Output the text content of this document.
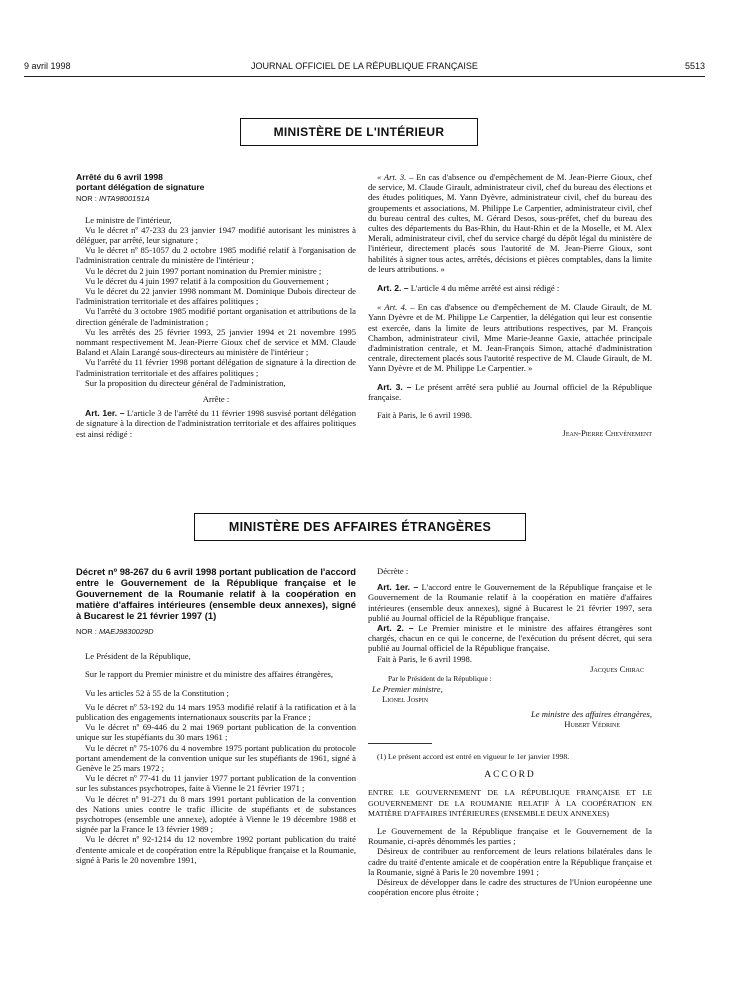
9 avril 1998	JOURNAL OFFICIEL DE LA RÉPUBLIQUE FRANÇAISE	5513
MINISTÈRE DE L'INTÉRIEUR

Arrêté du 6 avril 1998

portant délégation de signature

NOR : INTA9800151A

Le ministre de l'intérieur,

Vu le décret nº 47-233 du 23 janvier 1947 modifié autorisant les ministres à déléguer, par arrêté, leur signature ;

Vu le décret nº 85-1057 du 2 octobre 1985 modifié relatif à l'organisation de l'administration centrale du ministère de l'intérieur ;

Vu le décret du 2 juin 1997 portant nomination du Premier ministre ;

Vu le décret du 4 juin 1997 relatif à la composition du Gouvernement ;

Vu le décret du 22 janvier 1998 nommant M. Dominique Dubois directeur de l'administration territoriale et des affaires politiques ;

Vu l'arrêté du 3 octobre 1985 modifié portant organisation et attributions de la direction générale de l'administration ;

Vu les arrêtés des 25 février 1993, 25 janvier 1994 et 21 novembre 1995 nommant respectivement M. Jean-Pierre Gioux chef de service et MM. Claude Baland et Alain Larangé sous-directeurs au ministère de l'intérieur ;

Vu l'arrêté du 11 février 1998 portant délégation de signature à la direction de l'administration territoriale et des affaires politiques ;

Sur la proposition du directeur général de l'administration,

Arrête :

Art. 1er. – L'article 3 de l'arrêté du 11 février 1998 susvisé portant délégation de signature à la direction de l'administration territoriale et des affaires politiques est ainsi rédigé :

« Art. 3. – En cas d'absence ou d'empêchement de M. Jean-Pierre Gioux, chef de service, M. Claude Girault, administrateur civil, chef du bureau des élections et des études politiques, M. Yann Dyèvre, administrateur civil, chef du bureau des groupements et associations, M. Philippe Le Carpentier, administrateur civil, chef du bureau central des cultes, M. Gérard Desos, sous-préfet, chef du bureau des cultes des départements du Bas-Rhin, du Haut-Rhin et de la Moselle, et M. Alex Merali, administrateur civil, chef du service chargé du dépôt légal du ministère de l'intérieur, directement placés sous l'autorité de M. Jean-Pierre Gioux, sont habilités à signer tous actes, arrêtés, décisions et pièces comptables, dans la limite de leurs attributions. »

Art. 2. – L'article 4 du même arrêté est ainsi rédigé :

« Art. 4. – En cas d'absence ou d'empêchement de M. Claude Girault, de M. Yann Dyèvre et de M. Philippe Le Carpentier, la délégation qui leur est consentie est exercée, dans la limite de leurs attributions respectives, par M. François Chambon, administrateur civil, Mme Marie-Jeanne Gaxie, attachée principale d'administration centrale, et M. Jean-François Simon, attaché d'administration centrale, directement placés sous l'autorité respective de M. Claude Girault, de M. Yann Dyèvre et de M. Philippe Le Carpentier. »

Art. 3. – Le présent arrêté sera publié au Journal officiel de la République française.

Fait à Paris, le 6 avril 1998.

Jean-Pierre Chevènement

MINISTÈRE DES AFFAIRES ÉTRANGÈRES

Décret nº 98-267 du 6 avril 1998 portant publication de l'accord entre le Gouvernement de la République française et le Gouvernement de la Roumanie relatif à la coopération en matière d'affaires intérieures (ensemble deux annexes), signé à Bucarest le 21 février 1997 (1)

NOR : MAEJ9830029D

Le Président de la République,

Sur le rapport du Premier ministre et du ministre des affaires étrangères,

Vu les articles 52 à 55 de la Constitution ;

Vu le décret nº 53-192 du 14 mars 1953 modifié relatif à la ratification et à la publication des engagements internationaux souscrits par la France ;

Vu le décret nº 69-446 du 2 mai 1969 portant publication de la convention unique sur les stupéfiants du 30 mars 1961 ;

Vu le décret nº 75-1076 du 4 novembre 1975 portant publication du protocole portant amendement de la convention unique sur les stupéfiants de 1961, signé à Genève le 25 mars 1972 ;

Vu le décret nº 77-41 du 11 janvier 1977 portant publication de la convention sur les substances psychotropes, faite à Vienne le 21 février 1971 ;

Vu le décret nº 91-271 du 8 mars 1991 portant publication de la convention des Nations unies contre le trafic illicite de stupéfiants et de substances psychotropes (ensemble une annexe), adoptée à Vienne le 19 décembre 1988 et signée par la France le 13 février 1989 ;

Vu le décret nº 92-1214 du 12 novembre 1992 portant publication du traité d'entente amicale et de coopération entre la République française et la Roumanie, signé à Paris le 20 novembre 1991,

Décrète :

Art. 1er. – L'accord entre le Gouvernement de la République française et le Gouvernement de la Roumanie relatif à la coopération en matière d'affaires intérieures (ensemble deux annexes), signé à Bucarest le 21 février 1997, sera publié au Journal officiel de la République française.

Art. 2. – Le Premier ministre et le ministre des affaires étrangères sont chargés, chacun en ce qui le concerne, de l'exécution du présent décret, qui sera publié au Journal officiel de la République française.

Fait à Paris, le 6 avril 1998.

Jacques Chirac

Par le Président de la République :

Le Premier ministre,

Lionel Jospin

Le ministre des affaires étrangères,

Hubert Védrine

(1) Le présent accord est entré en vigueur le 1er janvier 1998.

ACCORD

ENTRE LE GOUVERNEMENT DE LA RÉPUBLIQUE FRANÇAISE ET LE GOUVERNEMENT DE LA ROUMANIE RELATIF À LA COOPÉRATION EN MATIÈRE D'AFFAIRES INTÉRIEURES (ENSEMBLE DEUX ANNEXES)

Le Gouvernement de la République française et le Gouvernement de la Roumanie, ci-après dénommés les parties ;

Désireux de contribuer au renforcement de leurs relations bilatérales dans le cadre du traité d'entente amicale et de coopération entre la République française et la Roumanie, signé à Paris le 20 novembre 1991 ;

Désireux de développer dans le cadre des structures de l'Union européenne une coopération encore plus étroite ;
